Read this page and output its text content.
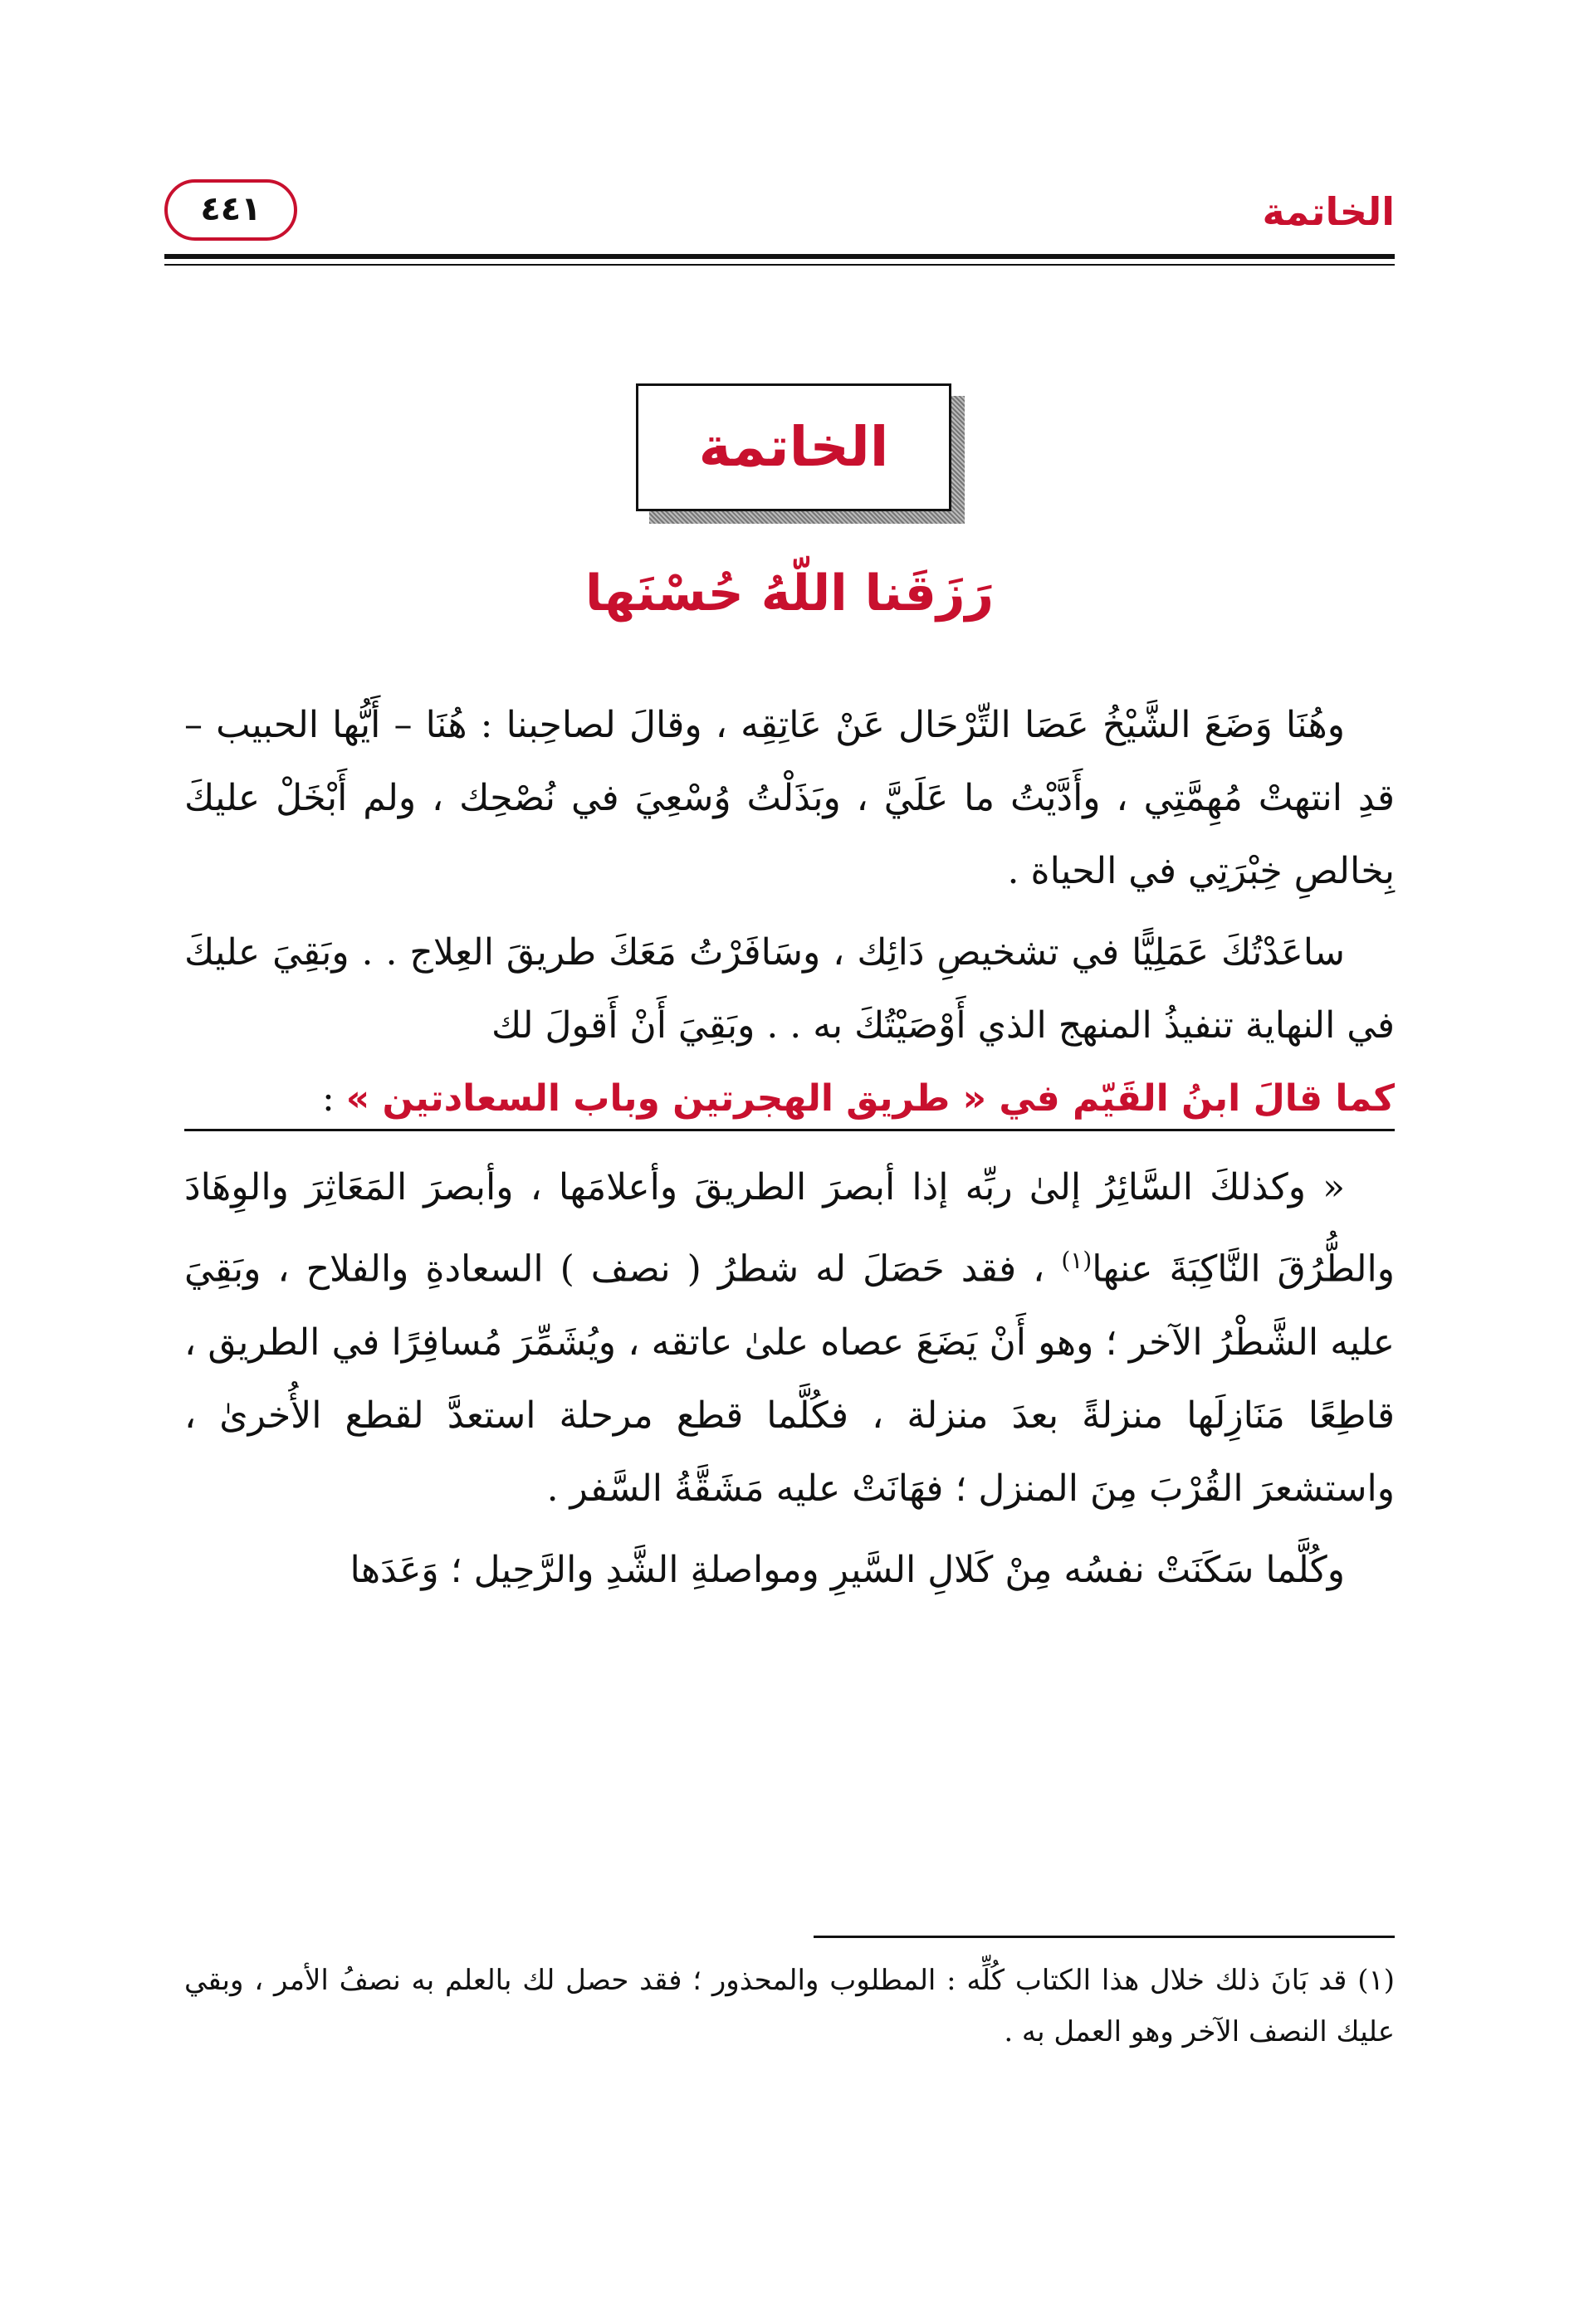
الخاتمة
٤٤١
الخاتمة
رَزَقَنا اللّهُ حُسْنَها

وهُنَا وَضَعَ الشَّيْخُ عَصَا التِّرْحَال عَنْ عَاتِقِه ، وقالَ لصاحِبنا : هُنَا – أَيُّها الحبيب – قدِ انتهتْ مُهِمَّتِي ، وأَدَّيْتُ ما عَلَيَّ ، وبَذَلْتُ وُسْعِيَ في نُصْحِك ، ولم أَبْخَلْ عليكَ بِخالصِ خِبْرَتِي في الحياة .

ساعَدْتُكَ عَمَلِيًّا في تشخيصِ دَائِك ، وسَافَرْتُ مَعَكَ طريقَ العِلاج . . وبَقِيَ عليكَ في النهاية تنفيذُ المنهج الذي أَوْصَيْتُكَ به . . وبَقِيَ أَنْ أَقولَ لك

كما قالَ ابنُ القَيّم في « طريق الهجرتين وباب السعادتين » :

« وكذلكَ السَّائِرُ إلىٰ ربِّه إذا أبصرَ الطريقَ وأعلامَها ، وأبصرَ المَعَاثِرَ والوِهَادَ والطُّرُقَ النَّاكِبَةَ عنها$^{(١)}$ ، فقد حَصَلَ له شطرُ ( نصف ) السعادةِ والفلاح ، وبَقِيَ عليه الشَّطْرُ الآخر ؛ وهو أَنْ يَضَعَ عصاه علىٰ عاتقه ، ويُشَمِّرَ مُسافِرًا في الطريق ، قاطِعًا مَنَازِلَها منزلةً بعدَ منزلة ، فكُلَّما قطع مرحلة استعدَّ لقطع الأُخرىٰ ، واستشعرَ القُرْبَ مِنَ المنزل ؛ فهَانَتْ عليه مَشَقَّةُ السَّفر .

وكُلَّما سَكَنَتْ نفسُه مِنْ كَلالِ السَّيرِ ومواصلةِ الشَّدِ والرَّحِيل ؛ وَعَدَها

(١) قد بَانَ ذلك خلال هذا الكتاب كُلِّه : المطلوب والمحذور ؛ فقد حصل لك بالعلم به نصفُ الأمر ، وبقي عليك النصف الآخر وهو العمل به .
